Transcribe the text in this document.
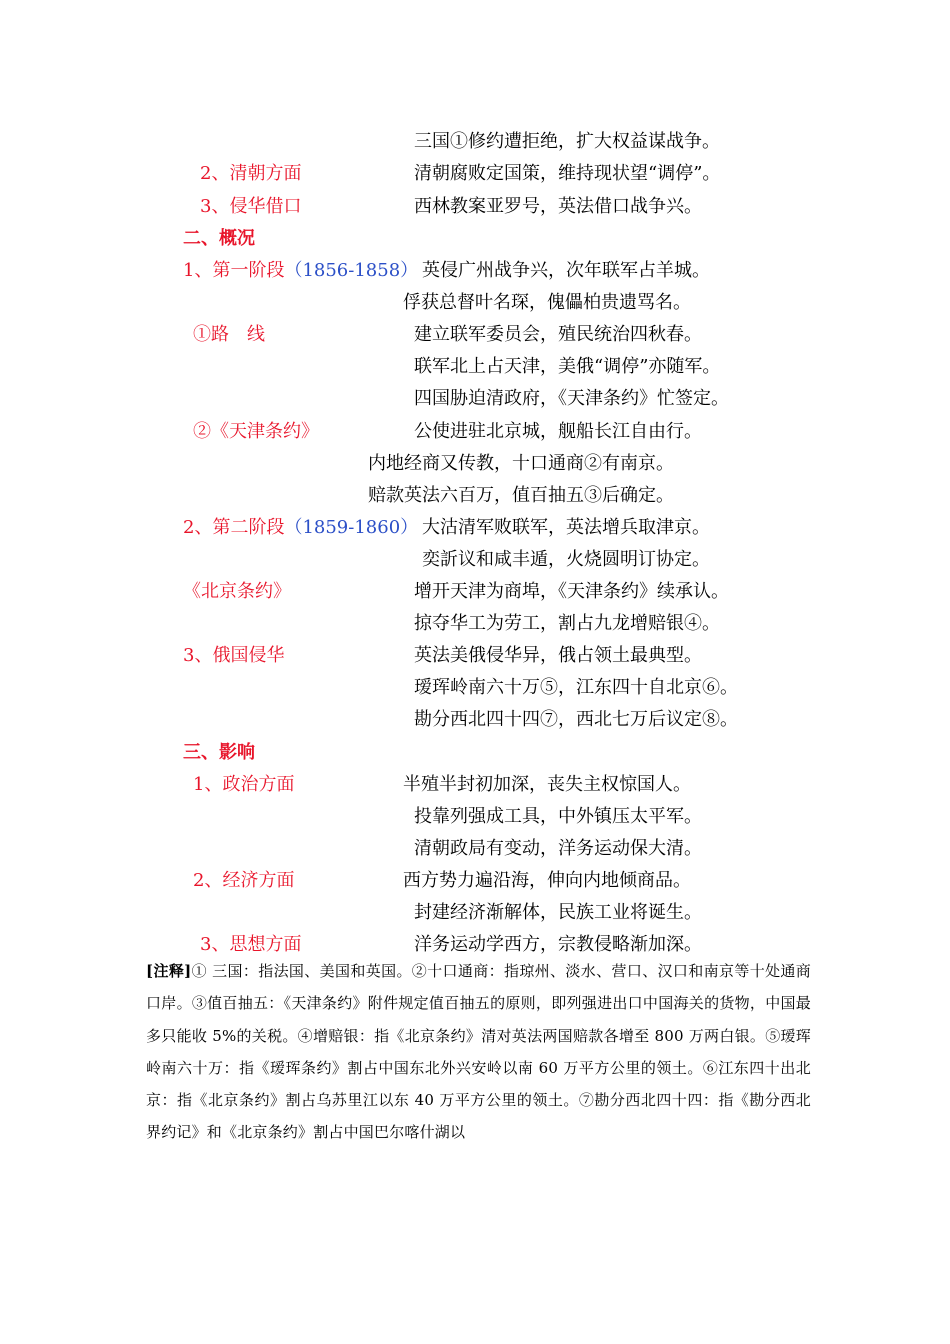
三国①修约遭拒绝，扩大权益谋战争。
2、清朝方面	清朝腐败定国策，维持现状望“调停”。
3、侵华借口	西林教案亚罗号，英法借口战争兴。
二、概况
1、第一阶段（1856-1858） 英侵广州战争兴，次年联军占羊城。
俘获总督叶名琛，傀儡柏贵遗骂名。
①路　线	建立联军委员会，殖民统治四秋春。
联军北上占天津，美俄“调停”亦随军。
四国胁迫清政府，《天津条约》忙签定。
②《天津条约》	公使进驻北京城，舰船长江自由行。
内地经商又传教，十口通商②有南京。
赔款英法六百万，值百抽五③后确定。
2、第二阶段（1859-1860） 大沽清军败联军，英法增兵取津京。
奕訢议和咸丰遁，火烧圆明订协定。
《北京条约》	增开天津为商埠，《天津条约》续承认。
掠夺华工为劳工，割占九龙增赔银④。
3、俄国侵华	英法美俄侵华异，俄占领土最典型。
瑷珲岭南六十万⑤，江东四十自北京⑥。
勘分西北四十四⑦，西北七万后议定⑧。
三、影响
1、政治方面	半殖半封初加深，丧失主权惊国人。
投靠列强成工具，中外镇压太平军。
清朝政局有变动，洋务运动保大清。
2、经济方面	西方势力遍沿海，伸向内地倾商品。
封建经济渐解体，民族工业将诞生。
3、思想方面	洋务运动学西方，宗教侵略渐加深。
[注释]① 三国：指法国、美国和英国。②十口通商：指琼州、淡水、营口、汉口和南京等十处通商口岸。③值百抽五：《天津条约》附件规定值百抽五的原则，即列强进出口中国海关的货物，中国最多只能收 5%的关税。④增赔银：指《北京条约》清对英法两国赔款各增至 800 万两白银。⑤瑷珲岭南六十万：指《瑷珲条约》割占中国东北外兴安岭以南 60 万平方公里的领土。⑥江东四十出北京：指《北京条约》割占乌苏里江以东 40 万平方公里的领土。⑦勘分西北四十四：指《勘分西北界约记》和《北京条约》割占中国巴尔喀什湖以
